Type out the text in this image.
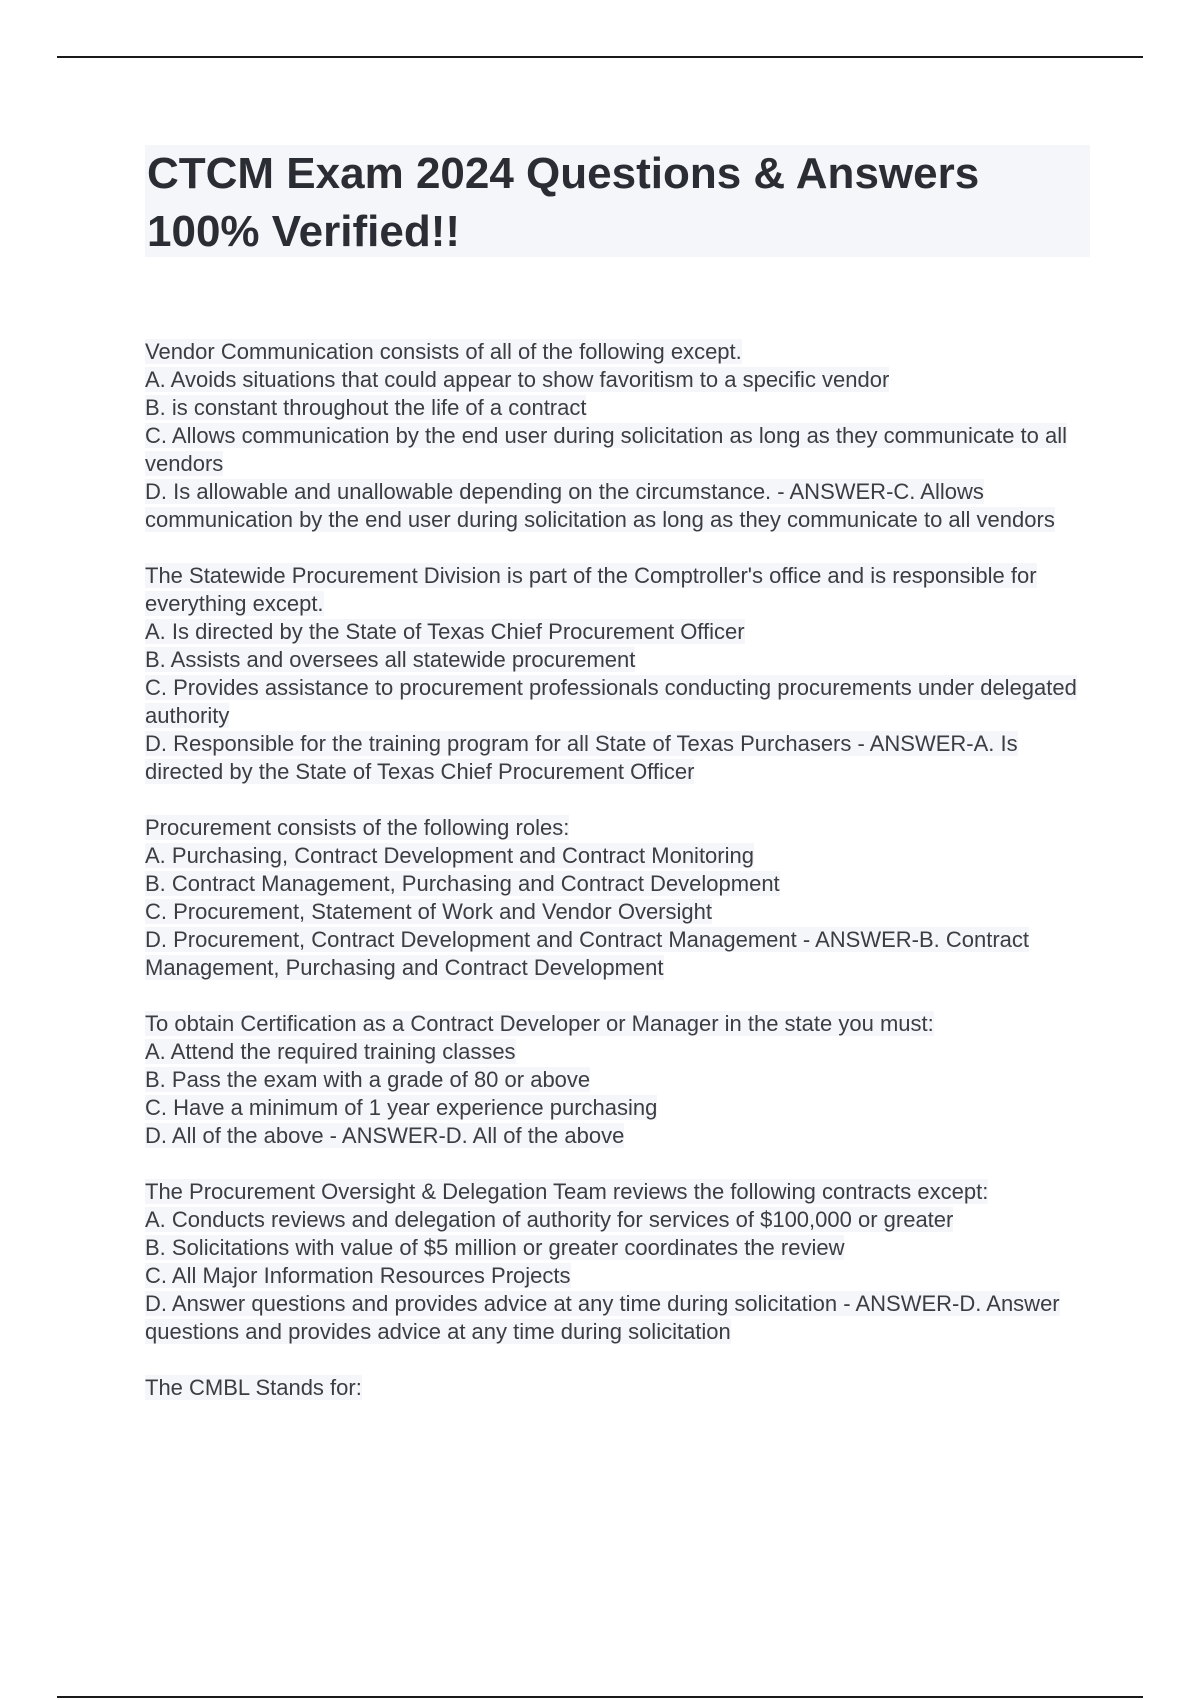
CTCM Exam 2024 Questions & Answers 100% Verified!!
Vendor Communication consists of all of the following except.
A. Avoids situations that could appear to show favoritism to a specific vendor
B. is constant throughout the life of a contract
C. Allows communication by the end user during solicitation as long as they communicate to all vendors
D. Is allowable and unallowable depending on the circumstance. - ANSWER-C. Allows communication by the end user during solicitation as long as they communicate to all vendors
The Statewide Procurement Division is part of the Comptroller's office and is responsible for everything except.
A. Is directed by the State of Texas Chief Procurement Officer
B. Assists and oversees all statewide procurement
C. Provides assistance to procurement professionals conducting procurements under delegated authority
D. Responsible for the training program for all State of Texas Purchasers - ANSWER-A. Is directed by the State of Texas Chief Procurement Officer
Procurement consists of the following roles:
A. Purchasing, Contract Development and Contract Monitoring
B. Contract Management, Purchasing and Contract Development
C. Procurement, Statement of Work and Vendor Oversight
D. Procurement, Contract Development and Contract Management - ANSWER-B. Contract Management, Purchasing and Contract Development
To obtain Certification as a Contract Developer or Manager in the state you must:
A. Attend the required training classes
B. Pass the exam with a grade of 80 or above
C. Have a minimum of 1 year experience purchasing
D. All of the above - ANSWER-D. All of the above
The Procurement Oversight & Delegation Team reviews the following contracts except:
A. Conducts reviews and delegation of authority for services of $100,000 or greater
B. Solicitations with value of $5 million or greater coordinates the review
C. All Major Information Resources Projects
D. Answer questions and provides advice at any time during solicitation - ANSWER-D. Answer questions and provides advice at any time during solicitation
The CMBL Stands for:
